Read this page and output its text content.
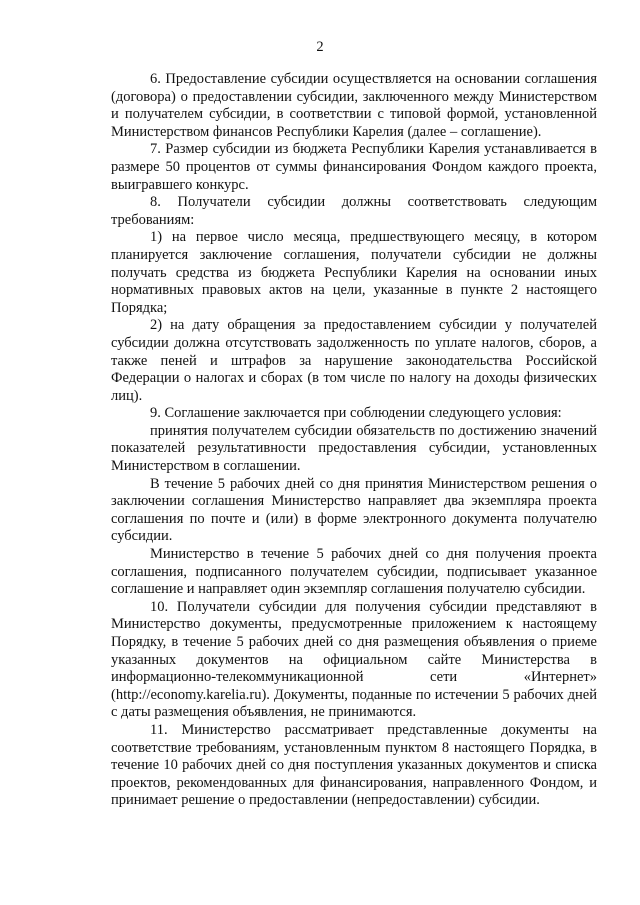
2

6. Предоставление субсидии осуществляется на основании соглашения (договора) о предоставлении субсидии, заключенного между Министерством и получателем субсидии, в соответствии с типовой формой, установленной Министерством финансов Республики Карелия (далее – соглашение).

7. Размер субсидии из бюджета Республики Карелия устанавливается в размере 50 процентов от суммы финансирования Фондом каждого проекта, выигравшего конкурс.

8. Получатели субсидии должны соответствовать следующим требованиям:

1) на первое число месяца, предшествующего месяцу, в котором планируется заключение соглашения, получатели субсидии не должны получать средства из бюджета Республики Карелия на основании иных нормативных правовых актов на цели, указанные в пункте 2 настоящего Порядка;

2) на дату обращения за предоставлением субсидии у получателей субсидии должна отсутствовать задолженность по уплате налогов, сборов, а также пеней и штрафов за нарушение законодательства Российской Федерации о налогах и сборах (в том числе по налогу на доходы физических лиц).

9. Соглашение заключается при соблюдении следующего условия:

принятия получателем субсидии обязательств по достижению значений показателей результативности предоставления субсидии, установленных Министерством в соглашении.

В течение 5 рабочих дней со дня принятия Министерством решения о заключении соглашения Министерство направляет два экземпляра проекта соглашения по почте и (или) в форме электронного документа получателю субсидии.

Министерство в течение 5 рабочих дней со дня получения проекта соглашения, подписанного получателем субсидии, подписывает указанное соглашение и направляет один экземпляр соглашения получателю субсидии.

10. Получатели субсидии для получения субсидии представляют в Министерство документы, предусмотренные приложением к настоящему Порядку, в течение 5 рабочих дней со дня размещения объявления о приеме указанных документов на официальном сайте Министерства в информационно-телекоммуникационной сети «Интернет» (http://economy.karelia.ru). Документы, поданные по истечении 5 рабочих дней с даты размещения объявления, не принимаются.

11. Министерство рассматривает представленные документы на соответствие требованиям, установленным пунктом 8 настоящего Порядка, в течение 10 рабочих дней со дня поступления указанных документов и списка проектов, рекомендованных для финансирования, направленного Фондом, и принимает решение о предоставлении (непредоставлении) субсидии.
